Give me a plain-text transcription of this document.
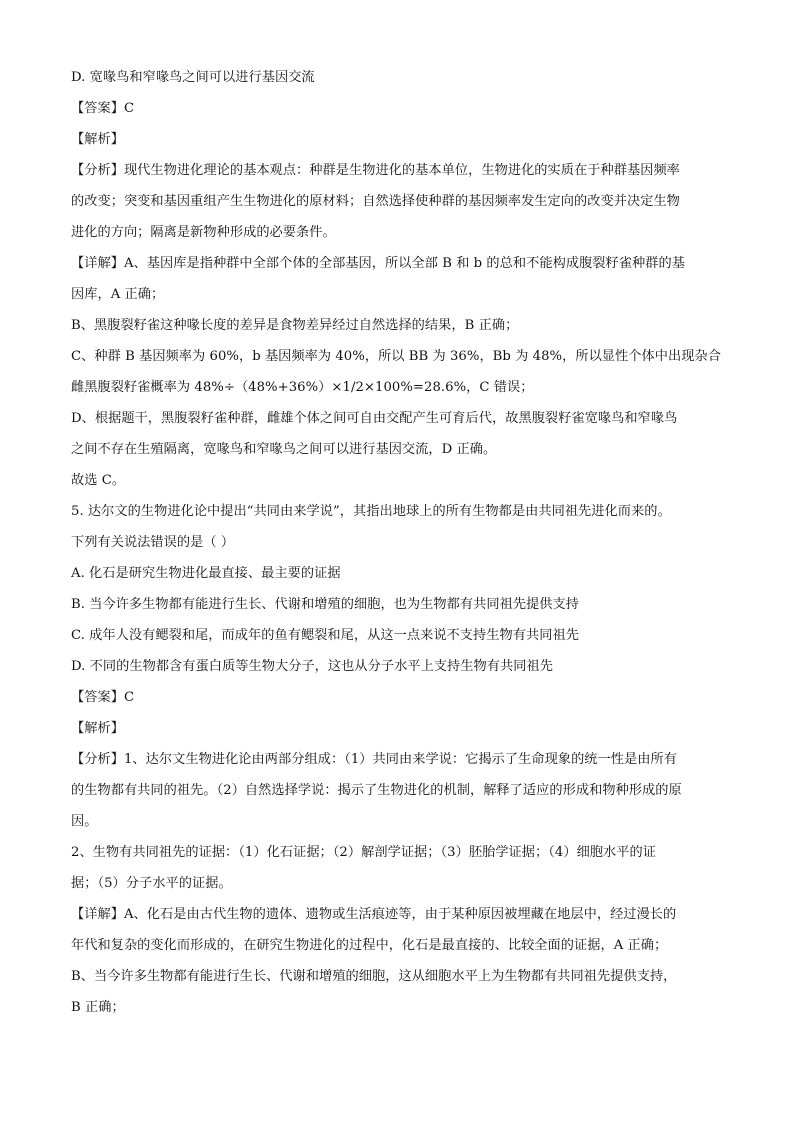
D. 宽喙鸟和窄喙鸟之间可以进行基因交流
【答案】C
【解析】
【分析】现代生物进化理论的基本观点：种群是生物进化的基本单位，生物进化的实质在于种群基因频率
的改变；突变和基因重组产生生物进化的原材料；自然选择使种群的基因频率发生定向的改变并决定生物
进化的方向；隔离是新物种形成的必要条件。
【详解】A、基因库是指种群中全部个体的全部基因，所以全部 B 和 b 的总和不能构成腹裂籽雀种群的基
因库，A 正确；
B、黑腹裂籽雀这种喙长度的差异是食物差异经过自然选择的结果，B 正确；
C、种群 B 基因频率为 60%，b 基因频率为 40%，所以 BB 为 36%，Bb 为 48%，所以显性个体中出现杂合
雌黑腹裂籽雀概率为 48%÷（48%+36%）×1/2×100%=28.6%，C 错误；
D、根据题干，黑腹裂籽雀种群，雌雄个体之间可自由交配产生可育后代，故黑腹裂籽雀宽喙鸟和窄喙鸟
之间不存在生殖隔离，宽喙鸟和窄喙鸟之间可以进行基因交流，D 正确。
故选 C。
5. 达尔文的生物进化论中提出“共同由来学说”，其指出地球上的所有生物都是由共同祖先进化而来的。
下列有关说法错误的是（ ）
A. 化石是研究生物进化最直接、最主要的证据
B. 当今许多生物都有能进行生长、代谢和增殖的细胞，也为生物都有共同祖先提供支持
C. 成年人没有鳃裂和尾，而成年的鱼有鳃裂和尾，从这一点来说不支持生物有共同祖先
D. 不同的生物都含有蛋白质等生物大分子，这也从分子水平上支持生物有共同祖先
【答案】C
【解析】
【分析】1、达尔文生物进化论由两部分组成：（1）共同由来学说：它揭示了生命现象的统一性是由所有
的生物都有共同的祖先。（2）自然选择学说：揭示了生物进化的机制，解释了适应的形成和物种形成的原
因。
2、生物有共同祖先的证据：（1）化石证据；（2）解剖学证据；（3）胚胎学证据；（4）细胞水平的证
据；（5）分子水平的证据。
【详解】A、化石是由古代生物的遗体、遗物或生活痕迹等，由于某种原因被埋藏在地层中，经过漫长的
年代和复杂的变化而形成的，在研究生物进化的过程中，化石是最直接的、比较全面的证据，A 正确；
B、当今许多生物都有能进行生长、代谢和增殖的细胞，这从细胞水平上为生物都有共同祖先提供支持，
B 正确；
